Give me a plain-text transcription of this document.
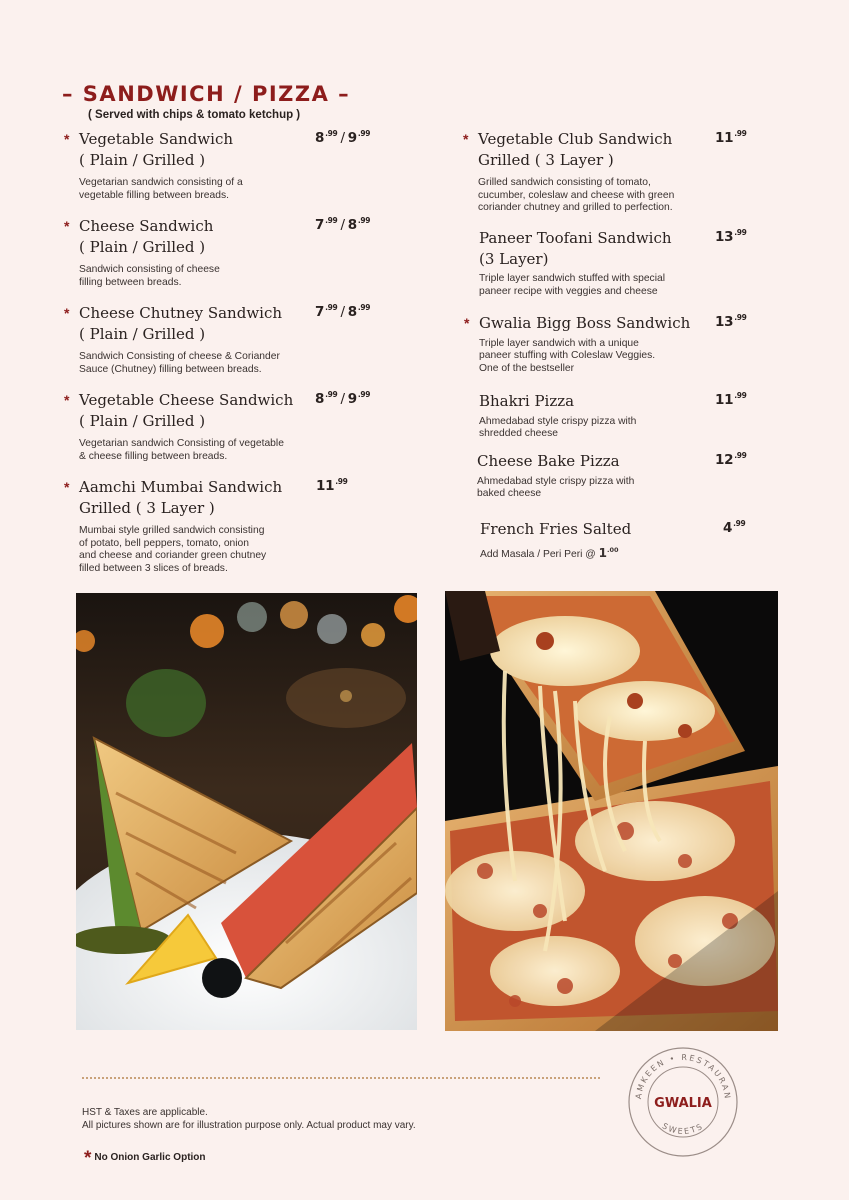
– SANDWICH / PIZZA –
( Served with chips & tomato ketchup )
* Vegetable Sandwich
( Plain / Grilled )
Vegetarian sandwich consisting of a
vegetable filling between breads.
$8^{.99} / 9^{.99}$
* Cheese Sandwich
( Plain / Grilled )
Sandwich consisting of cheese
filling between breads.
$7^{.99} / 8^{.99}$
* Cheese Chutney Sandwich
( Plain / Grilled )
Sandwich Consisting of cheese & Coriander
Sauce (Chutney) filling between breads.
$7^{.99} / 8^{.99}$
* Vegetable Cheese Sandwich
( Plain / Grilled )
Vegetarian sandwich Consisting of vegetable
& cheese filling between breads.
$8^{.99} / 9^{.99}$
* Aamchi Mumbai Sandwich
Grilled ( 3 Layer )
Mumbai style grilled sandwich consisting
of potato, bell peppers, tomato, onion
and cheese and coriander green chutney
filled between 3 slices of breads.
$11^{.99}$
* Vegetable Club Sandwich
Grilled ( 3 Layer )
Grilled sandwich consisting of tomato,
cucumber, coleslaw and cheese with green
coriander chutney and grilled to perfection.
$11^{.99}$
Paneer Toofani Sandwich
(3 Layer)
Triple layer sandwich stuffed with special
paneer recipe with veggies and cheese
$13^{.99}$
* Gwalia Bigg Boss Sandwich
Triple layer sandwich with a unique
paneer stuffing with Coleslaw Veggies.
One of the bestseller
$13^{.99}$
Bhakri Pizza
Ahmedabad style crispy pizza with
shredded cheese
$11^{.99}$
Cheese Bake Pizza
Ahmedabad style crispy pizza with
baked cheese
$12^{.99}$
French Fries Salted
Add Masala / Peri Peri @ $1^{.00}$
$4^{.99}$
HST & Taxes are applicable.
All pictures shown are for illustration purpose only. Actual product may vary.
* No Onion Garlic Option
AMKEEN • RESTAURAN
SWEETS
GWALIA
